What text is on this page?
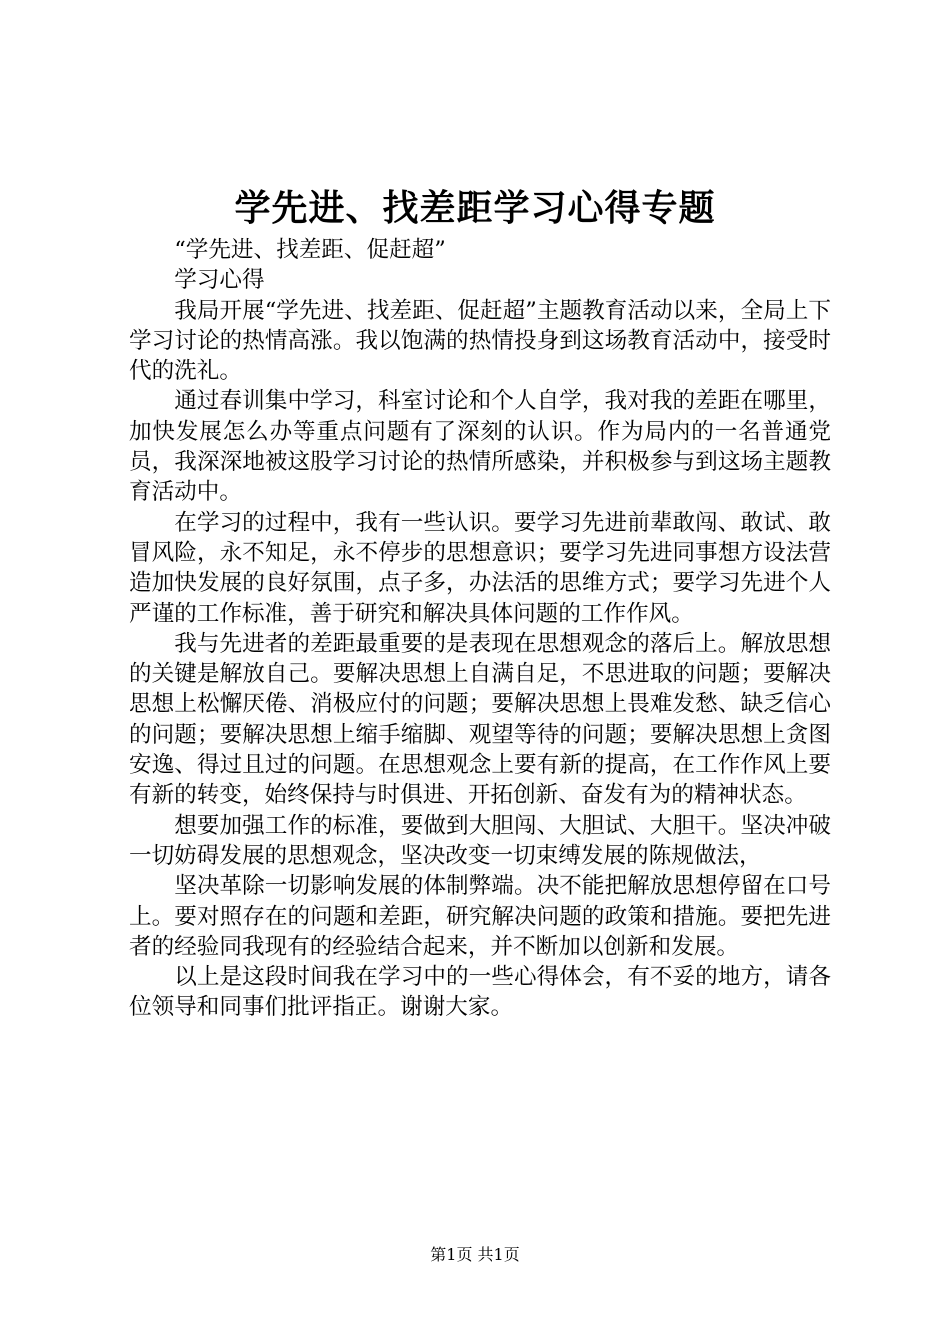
学先进、找差距学习心得专题

“学先进、找差距、促赶超”

学习心得

我局开展“学先进、找差距、促赶超”主题教育活动以来，全局上下学习讨论的热情高涨。我以饱满的热情投身到这场教育活动中，接受时代的洗礼。

通过春训集中学习，科室讨论和个人自学，我对我的差距在哪里，加快发展怎么办等重点问题有了深刻的认识。作为局内的一名普通党员，我深深地被这股学习讨论的热情所感染，并积极参与到这场主题教育活动中。

在学习的过程中，我有一些认识。要学习先进前辈敢闯、敢试、敢冒风险，永不知足，永不停步的思想意识；要学习先进同事想方设法营造加快发展的良好氛围，点子多，办法活的思维方式；要学习先进个人严谨的工作标准，善于研究和解决具体问题的工作作风。

我与先进者的差距最重要的是表现在思想观念的落后上。解放思想的关键是解放自己。要解决思想上自满自足，不思进取的问题；要解决思想上松懈厌倦、消极应付的问题；要解决思想上畏难发愁、缺乏信心的问题；要解决思想上缩手缩脚、观望等待的问题；要解决思想上贪图安逸、得过且过的问题。在思想观念上要有新的提高，在工作作风上要有新的转变，始终保持与时俱进、开拓创新、奋发有为的精神状态。

想要加强工作的标准，要做到大胆闯、大胆试、大胆干。坚决冲破一切妨碍发展的思想观念，坚决改变一切束缚发展的陈规做法，

坚决革除一切影响发展的体制弊端。决不能把解放思想停留在口号上。要对照存在的问题和差距，研究解决问题的政策和措施。要把先进者的经验同我现有的经验结合起来，并不断加以创新和发展。

以上是这段时间我在学习中的一些心得体会，有不妥的地方，请各位领导和同事们批评指正。谢谢大家。

第1页 共1页
